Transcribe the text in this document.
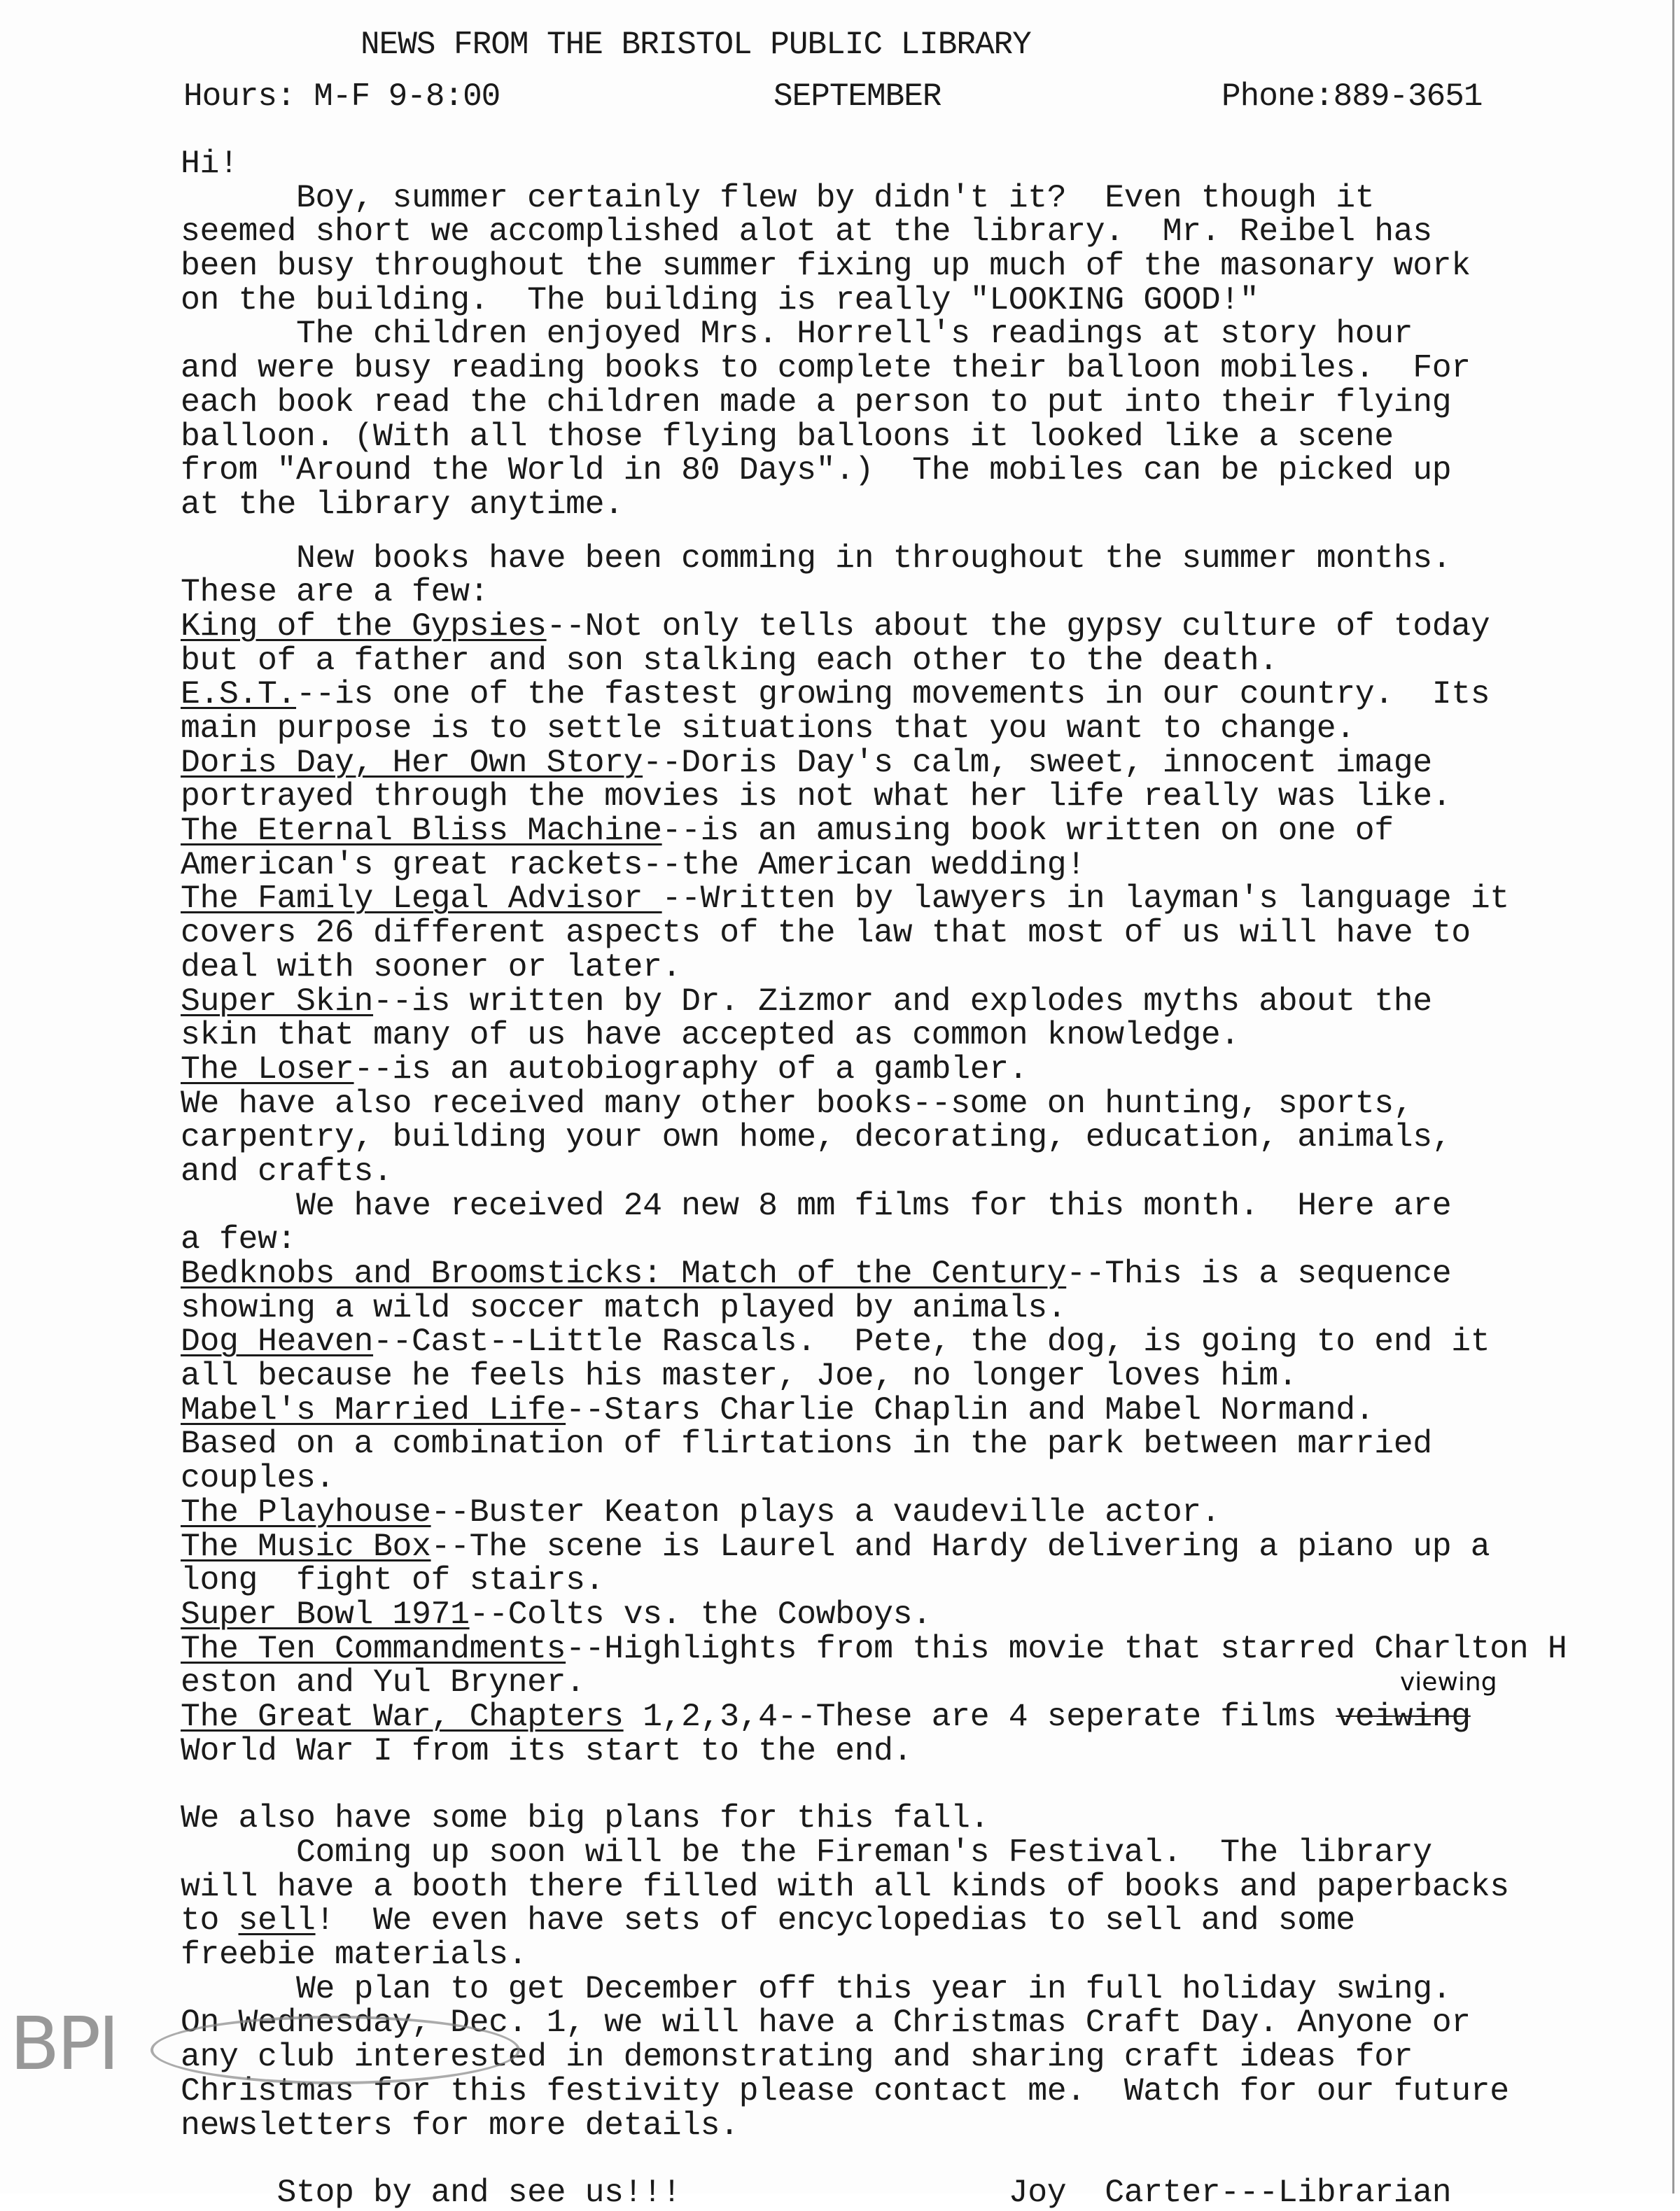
NEWS FROM THE BRISTOL PUBLIC LIBRARY
Hours: M-F 9-8:00	SEPTEMBER	Phone:889-3651
Hi!
Boy, summer certainly flew by didn't it?  Even though it
seemed short we accomplished alot at the library.  Mr. Reibel has
been busy throughout the summer fixing up much of the masonary work
on the building.  The building is really "LOOKING GOOD!"
The children enjoyed Mrs. Horrell's readings at story hour
and were busy reading books to complete their balloon mobiles.  For
each book read the children made a person to put into their flying
balloon. (With all those flying balloons it looked like a scene
from "Around the World in 80 Days".)  The mobiles can be picked up
at the library anytime.
New books have been comming in throughout the summer months.
These are a few:
King of the Gypsies--Not only tells about the gypsy culture of today
but of a father and son stalking each other to the death.
E.S.T.--is one of the fastest growing movements in our country.  Its
main purpose is to settle situations that you want to change.
Doris Day, Her Own Story--Doris Day's calm, sweet, innocent image
portrayed through the movies is not what her life really was like.
The Eternal Bliss Machine--is an amusing book written on one of
American's great rackets--the American wedding!
The Family Legal Advisor --Written by lawyers in layman's language it
covers 26 different aspects of the law that most of us will have to
deal with sooner or later.
Super Skin--is written by Dr. Zizmor and explodes myths about the
skin that many of us have accepted as common knowledge.
The Loser--is an autobiography of a gambler.
We have also received many other books--some on hunting, sports,
carpentry, building your own home, decorating, education, animals,
and crafts.
We have received 24 new 8 mm films for this month.  Here are
a few:
Bedknobs and Broomsticks: Match of the Century--This is a sequence
showing a wild soccer match played by animals.
Dog Heaven--Cast--Little Rascals.  Pete, the dog, is going to end it
all because he feels his master, Joe, no longer loves him.
Mabel's Married Life--Stars Charlie Chaplin and Mabel Normand.
Based on a combination of flirtations in the park between married
couples.
The Playhouse--Buster Keaton plays a vaudeville actor.
The Music Box--The scene is Laurel and Hardy delivering a piano up a
long  fight of stairs.
Super Bowl 1971--Colts vs. the Cowboys.
The Ten Commandments--Highlights from this movie that starred Charlton H
eston and Yul Bryner.
The Great War, Chapters 1,2,3,4--These are 4 seperate films veiwing
World War I from its start to the end.
We also have some big plans for this fall.
Coming up soon will be the Fireman's Festival.  The library
will have a booth there filled with all kinds of books and paperbacks
to sell!  We even have sets of encyclopedias to sell and some
freebie materials.
We plan to get December off this year in full holiday swing.
On Wednesday, Dec. 1, we will have a Christmas Craft Day. Anyone or
any club interested in demonstrating and sharing craft ideas for
Christmas for this festivity please contact me.  Watch for our future
newsletters for more details.
Stop by and see us!!!                 Joy  Carter---Librarian
viewing
BPI
